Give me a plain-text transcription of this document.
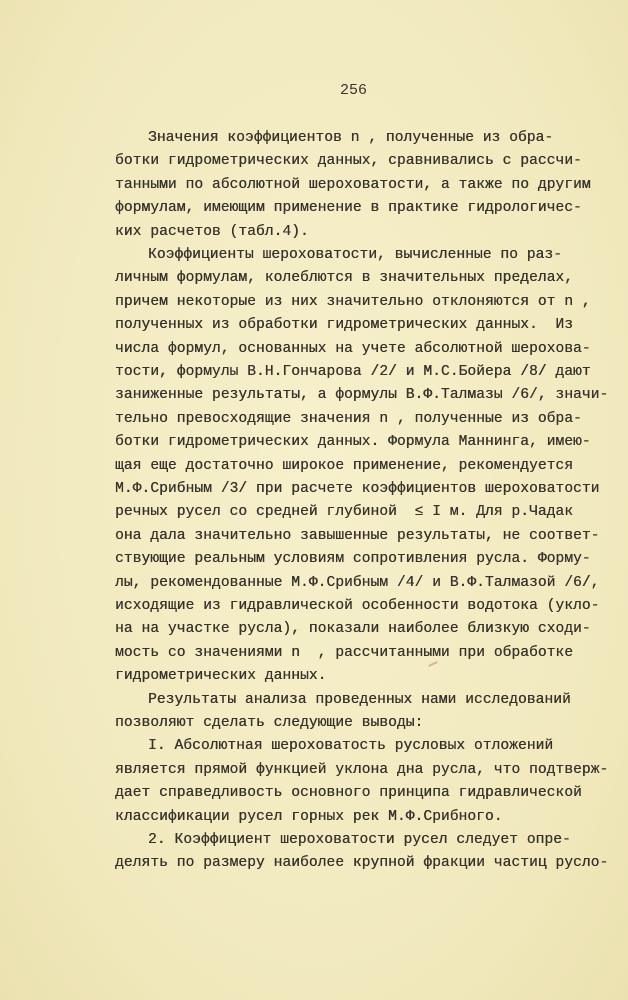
256
Значения коэффициентов n , полученные из обра-
ботки гидрометрических данных, сравнивались с рассчи-
танными по абсолютной шероховатости, а также по другим
формулам, имеющим применение в практике гидрологичес-
ких расчетов (табл.4).
Коэффициенты шероховатости, вычисленные по раз-
личным формулам, колеблются в значительных пределах,
причем некоторые из них значительно отклоняются от n ,
полученных из обработки гидрометрических данных.  Из
числа формул, основанных на учете абсолютной шерохова-
тости, формулы В.Н.Гончарова /2/ и М.С.Бойера /8/ дают
заниженные результаты, а формулы В.Ф.Талмазы /6/, значи-
тельно превосходящие значения n , полученные из обра-
ботки гидрометрических данных. Формула Маннинга, имею-
щая еще достаточно широкое применение, рекомендуется
М.Ф.Срибным /3/ при расчете коэффициентов шероховатости
речных русел со средней глубиной  ≤ I м. Для р.Чадак
она дала значительно завышенные результаты, не соответ-
ствующие реальным условиям сопротивления русла. Форму-
лы, рекомендованные М.Ф.Срибным /4/ и В.Ф.Талмазой /6/,
исходящие из гидравлической особенности водотока (укло-
на на участке русла), показали наиболее близкую сходи-
мость со значениями n  , рассчитанными при обработке
гидрометрических данных.
Результаты анализа проведенных нами исследований
позволяют сделать следующие выводы:
I. Абсолютная шероховатость русловых отложений
является прямой функцией уклона дна русла, что подтверж-
дает справедливость основного принципа гидравлической
классификации русел горных рек М.Ф.Срибного.
2. Коэффициент шероховатости русел следует опре-
делять по размеру наиболее крупной фракции частиц русло-
